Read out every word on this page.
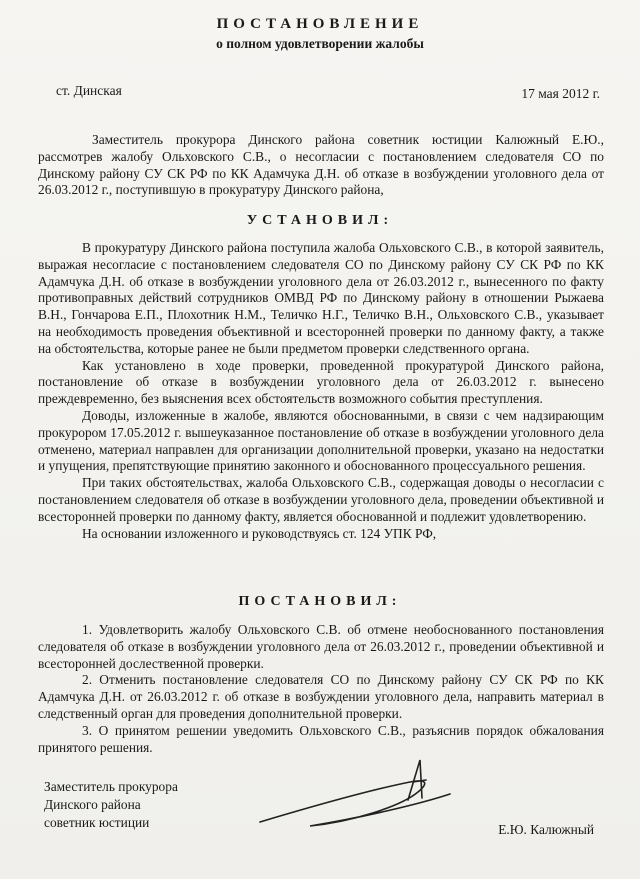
ПОСТАНОВЛЕНИЕ
о полном удовлетворении жалобы
ст. Динская	17 мая 2012 г.

Заместитель прокурора Динского района советник юстиции Калюжный Е.Ю., рассмотрев жалобу Ольховского С.В., о несогласии с постановлением следователя СО по Динскому району СУ СК РФ по КК Адамчука Д.Н. об отказе в возбуждении уголовного дела от 26.03.2012 г., поступившую в прокуратуру Динского района,

УСТАНОВИЛ:

В прокуратуру Динского района поступила жалоба Ольховского С.В., в которой заявитель, выражая несогласие с постановлением следователя СО по Динскому району СУ СК РФ по КК Адамчука Д.Н. об отказе в возбуждении уголовного дела от 26.03.2012 г., вынесенного по факту противоправных действий сотрудников ОМВД РФ по Динскому району в отношении Рыжаева В.Н., Гончарова Е.П., Плохотник Н.М., Теличко Н.Г., Теличко В.Н., Ольховского С.В., указывает на необходимость проведения объективной и всесторонней проверки по данному факту, а также на обстоятельства, которые ранее не были предметом проверки следственного органа.

Как установлено в ходе проверки, проведенной прокуратурой Динского района, постановление об отказе в возбуждении уголовного дела от 26.03.2012 г. вынесено преждевременно, без выяснения всех обстоятельств возможного события преступления.

Доводы, изложенные в жалобе, являются обоснованными, в связи с чем надзирающим прокурором 17.05.2012 г. вышеуказанное постановление об отказе в возбуждении уголовного дела отменено, материал направлен для организации дополнительной проверки, указано на недостатки и упущения, препятствующие принятию законного и обоснованного процессуального решения.

При таких обстоятельствах, жалоба Ольховского С.В., содержащая доводы о несогласии с постановлением следователя об отказе в возбуждении уголовного дела, проведении объективной и всесторонней проверки по данному факту, является обоснованной и подлежит удовлетворению.

На основании изложенного и руководствуясь ст. 124 УПК РФ,

ПОСТАНОВИЛ:

1. Удовлетворить жалобу Ольховского С.В. об отмене необоснованного постановления следователя об отказе в возбуждении уголовного дела от 26.03.2012 г., проведении объективной и всесторонней дослественной проверки.

2. Отменить постановление следователя СО по Динскому району СУ СК РФ по КК Адамчука Д.Н. от 26.03.2012 г. об отказе в возбуждении уголовного дела, направить материал в следственный орган для проведения дополнительной проверки.

3. О принятом решении уведомить Ольховского С.В., разъяснив порядок обжалования принятого решения.

Заместитель прокурора
Динского района
советник юстиции	Е.Ю. Калюжный
